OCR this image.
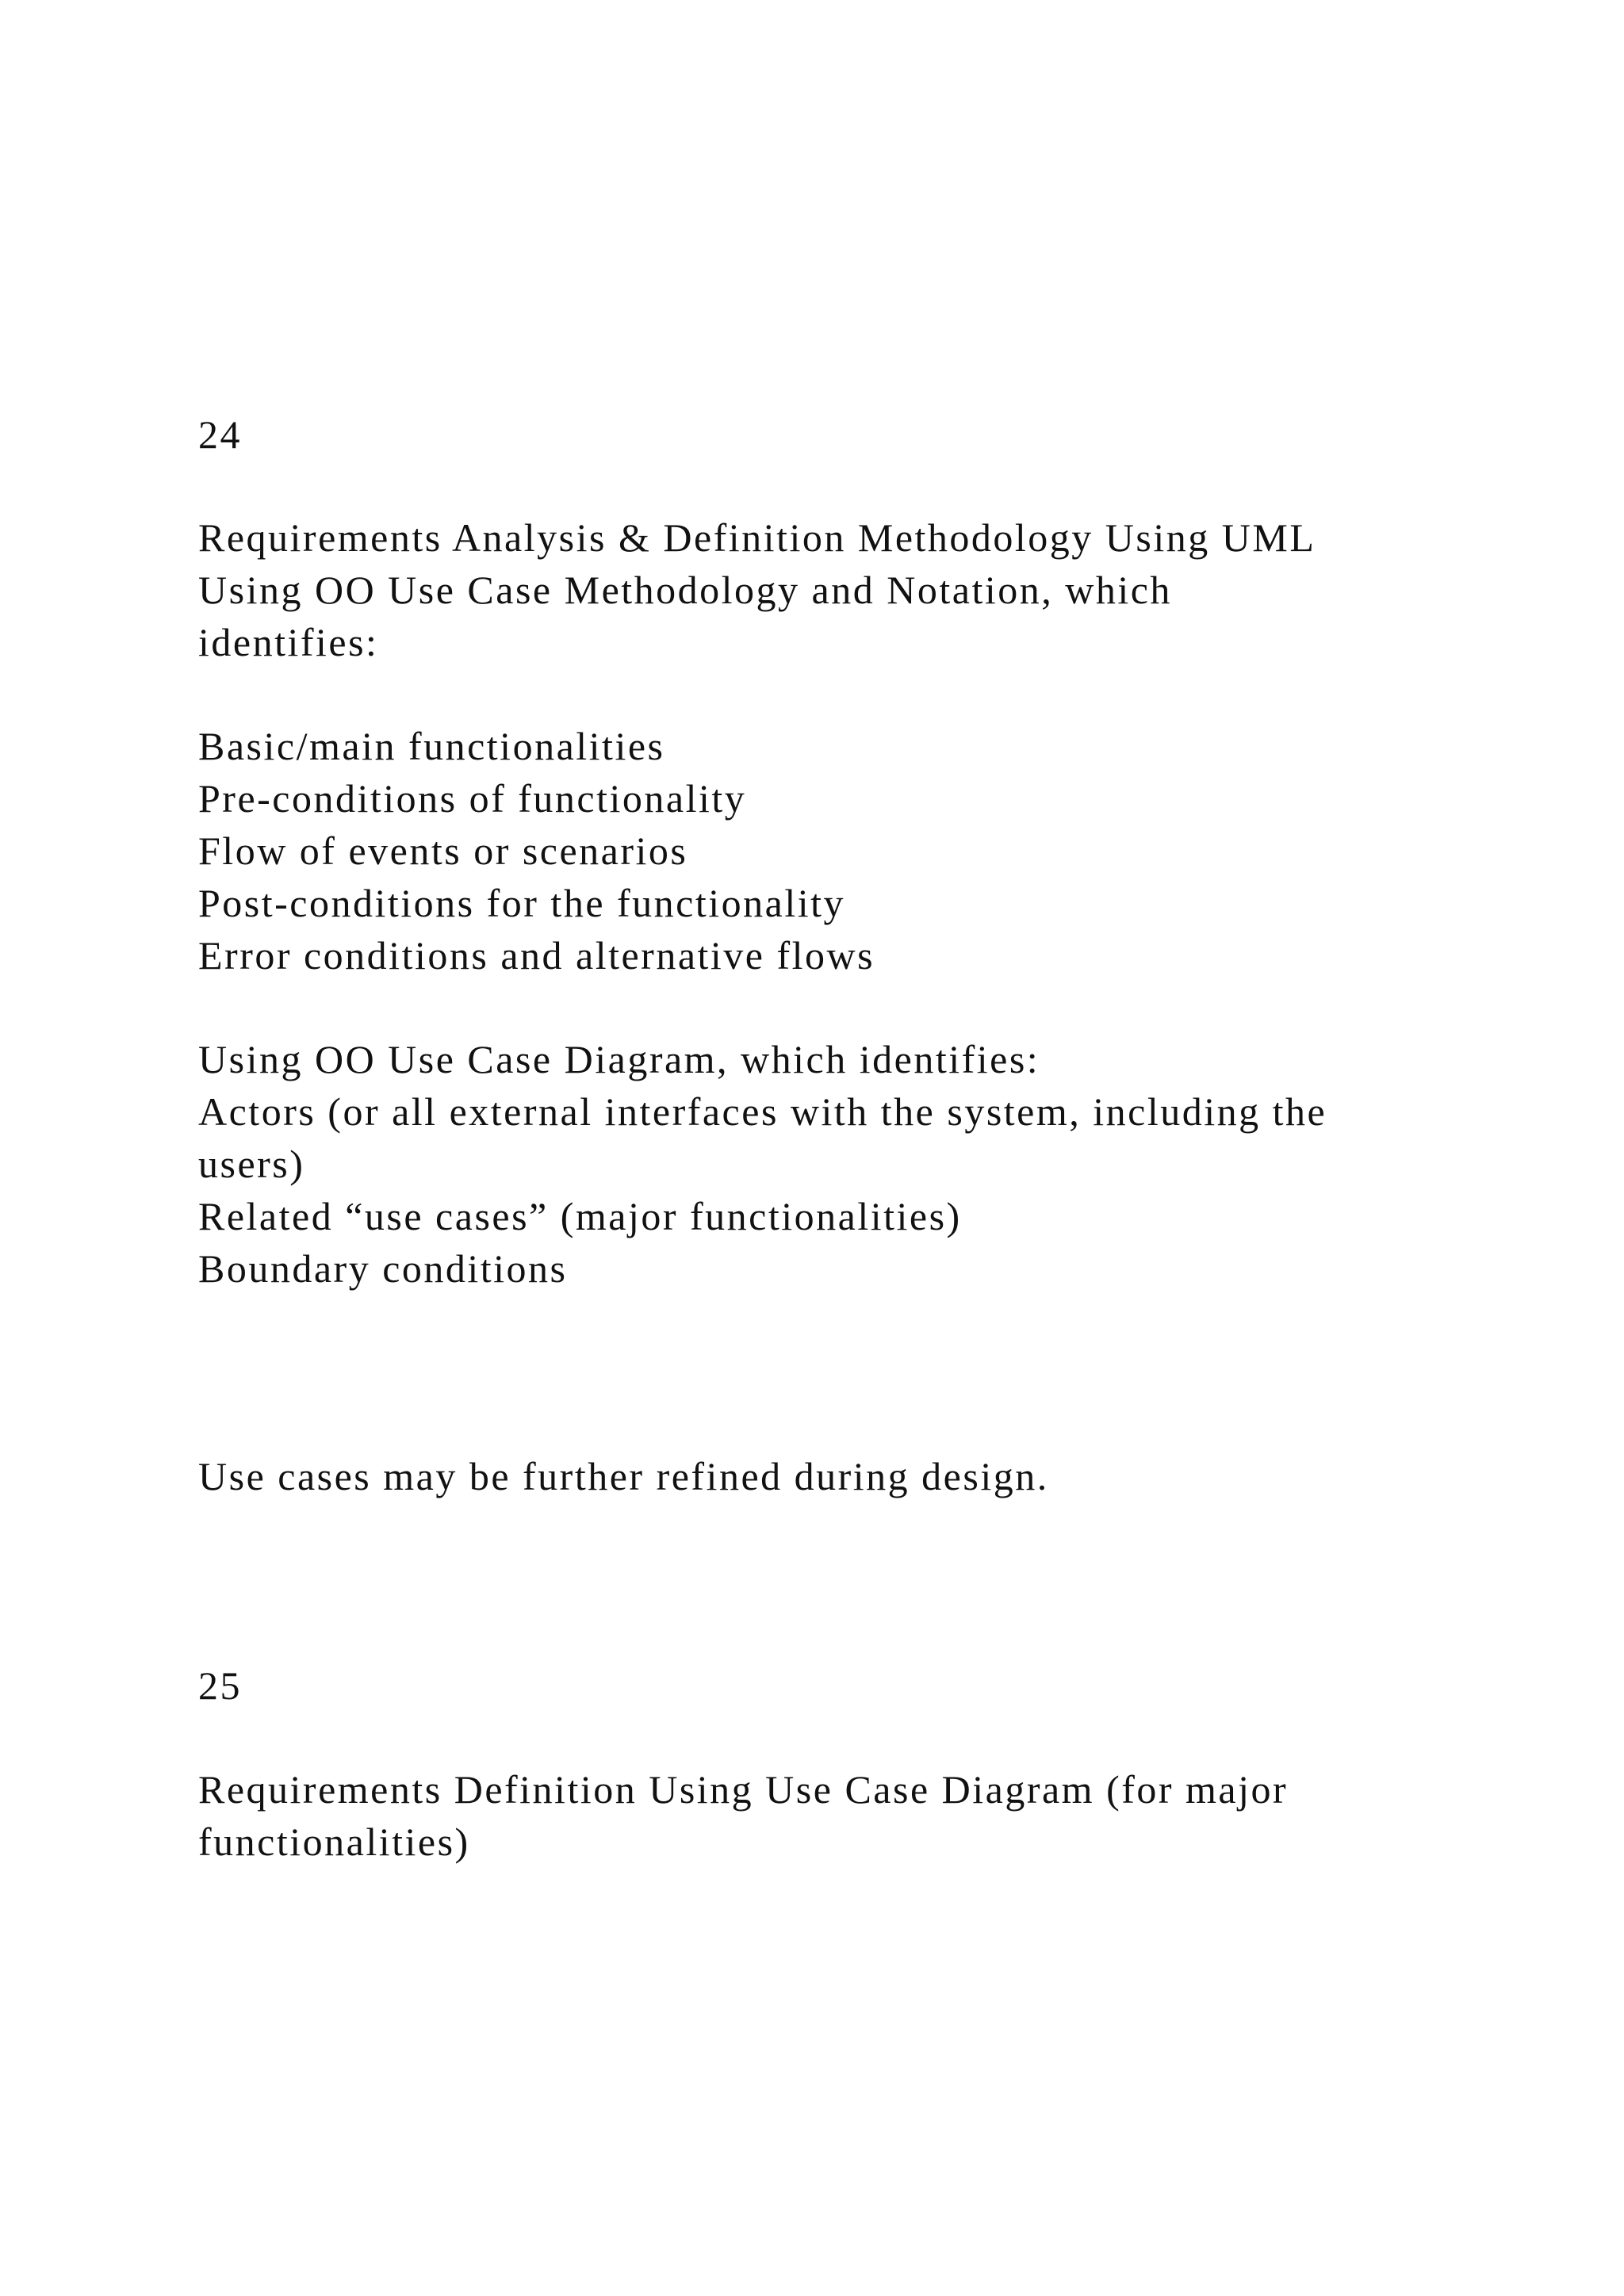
24
Requirements Analysis & Definition Methodology Using UML
Using OO Use Case Methodology and Notation, which
identifies:
Basic/main functionalities
Pre-conditions of functionality
Flow of events or scenarios
Post-conditions for the functionality
Error conditions and alternative flows
Using OO Use Case Diagram, which identifies:
Actors (or all external interfaces with the system, including the
users)
Related “use cases” (major functionalities)
Boundary conditions
Use cases may be further refined during design.
25
Requirements Definition Using Use Case Diagram (for major
functionalities)
